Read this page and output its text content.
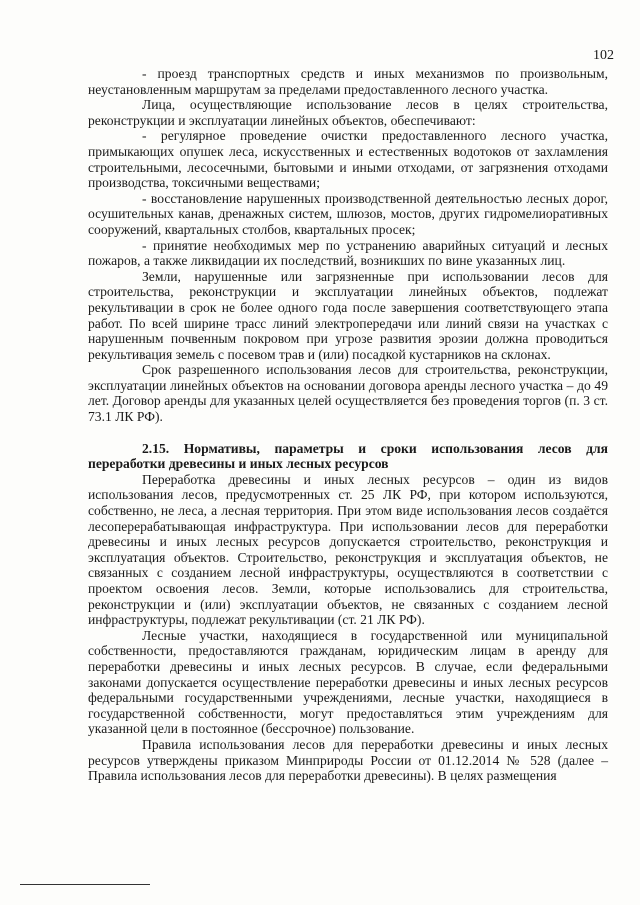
102

- проезд транспортных средств и иных механизмов по произвольным, неустановленным маршрутам за пределами предоставленного лесного участка.

Лица, осуществляющие использование лесов в целях строительства, реконструкции и эксплуатации линейных объектов, обеспечивают:

- регулярное проведение очистки предоставленного лесного участка, примыкающих опушек леса, искусственных и естественных водотоков от захламления строительными, лесосечными, бытовыми и иными отходами, от загрязнения отходами производства, токсичными веществами;

- восстановление нарушенных производственной деятельностью лесных дорог, осушительных канав, дренажных систем, шлюзов, мостов, других гидромелиоративных сооружений, квартальных столбов, квартальных просек;

- принятие необходимых мер по устранению аварийных ситуаций и лесных пожаров, а также ликвидации их последствий, возникших по вине указанных лиц.

Земли, нарушенные или загрязненные при использовании лесов для строительства, реконструкции и эксплуатации линейных объектов, подлежат рекультивации в срок не более одного года после завершения соответствующего этапа работ. По всей ширине трасс линий электропередачи или линий связи на участках с нарушенным почвенным покровом при угрозе развития эрозии должна проводиться рекультивация земель с посевом трав и (или) посадкой кустарников на склонах.

Срок разрешенного использования лесов для строительства, реконструкции, эксплуатации линейных объектов на основании договора аренды лесного участка – до 49 лет. Договор аренды для указанных целей осуществляется без проведения торгов (п. 3 ст. 73.1 ЛК РФ).

2.15. Нормативы, параметры и сроки использования лесов для переработки древесины и иных лесных ресурсов

Переработка древесины и иных лесных ресурсов – один из видов использования лесов, предусмотренных ст. 25 ЛК РФ, при котором используются, собственно, не леса, а лесная территория. При этом виде использования лесов создаётся лесоперерабатывающая инфраструктура. При использовании лесов для переработки древесины и иных лесных ресурсов допускается строительство, реконструкция и эксплуатация объектов. Строительство, реконструкция и эксплуатация объектов, не связанных с созданием лесной инфраструктуры, осуществляются в соответствии с проектом освоения лесов. Земли, которые использовались для строительства, реконструкции и (или) эксплуатации объектов, не связанных с созданием лесной инфраструктуры, подлежат рекультивации (ст. 21 ЛК РФ).

Лесные участки, находящиеся в государственной или муниципальной собственности, предоставляются гражданам, юридическим лицам в аренду для переработки древесины и иных лесных ресурсов. В случае, если федеральными законами допускается осуществление переработки древесины и иных лесных ресурсов федеральными государственными учреждениями, лесные участки, находящиеся в государственной собственности, могут предоставляться этим учреждениям для указанной цели в постоянное (бессрочное) пользование.

Правила использования лесов для переработки древесины и иных лесных ресурсов утверждены приказом Минприроды России от 01.12.2014 № 528 (далее – Правила использования лесов для переработки древесины). В целях размещения
